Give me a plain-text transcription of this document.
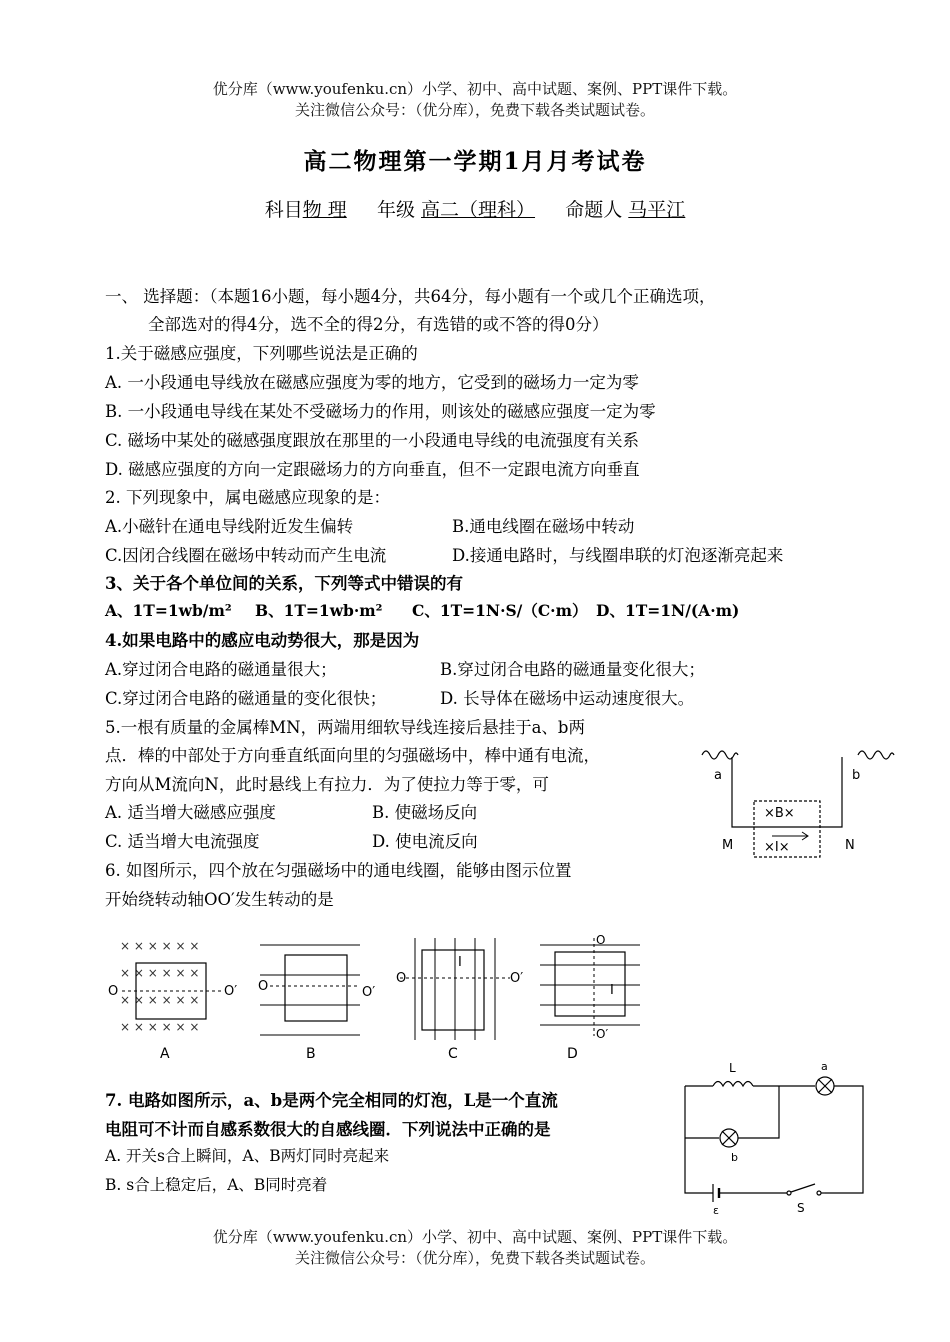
优分库（www.youfenku.cn）小学、初中、高中试题、案例、PPT课件下载。
关注微信公众号：（优分库），免费下载各类试题试卷。
高二物理第一学期1月月考试卷
科目物 理 年级 高二（理科） 命题人 马平江
一、 选择题：（本题16小题，每小题4分，共64分，每小题有一个或几个正确选项，
全部选对的得4分，选不全的得2分，有选错的或不答的得0分）
1.关于磁感应强度，下列哪些说法是正确的
A. 一小段通电导线放在磁感应强度为零的地方，它受到的磁场力一定为零
B. 一小段通电导线在某处不受磁场力的作用，则该处的磁感应强度一定为零
C. 磁场中某处的磁感强度跟放在那里的一小段通电导线的电流强度有关系
D. 磁感应强度的方向一定跟磁场力的方向垂直，但不一定跟电流方向垂直
2. 下列现象中，属电磁感应现象的是：
A.小磁针在通电导线附近发生偏转	B.通电线圈在磁场中转动
C.因闭合线圈在磁场中转动而产生电流	D.接通电路时，与线圈串联的灯泡逐渐亮起来
3、关于各个单位间的关系，下列等式中错误的有
A、1T=1wb/m² B、1T=1wb·m² C、1T=1N·S/（C·m） D、1T=1N/(A·m)
4.如果电路中的感应电动势很大，那是因为
A.穿过闭合电路的磁通量很大；	B.穿过闭合电路的磁通量变化很大；
C.穿过闭合电路的磁通量的变化很快；	D. 长导体在磁场中运动速度很大。
5.一根有质量的金属棒MN，两端用细软导线连接后悬挂于a、b两
点．棒的中部处于方向垂直纸面向里的匀强磁场中，棒中通有电流，
方向从M流向N，此时悬线上有拉力．为了使拉力等于零，可
A. 适当增大磁感应强度	B. 使磁场反向
C. 适当增大电流强度	D. 使电流反向
a	b
M	N
×B×
×I×
6. 如图所示，四个放在匀强磁场中的通电线圈，能够由图示位置
开始绕转动轴OO′发生转动的是
× × × × × ×
× × × × × ×
× × × × × ×
× × × × × ×
O	O′
A
O	O′
B
O	O′
I
C
O
O′
I
D
7. 电路如图所示，a、b是两个完全相同的灯泡，L是一个直流
电阻可不计而自感系数很大的自感线圈．下列说法中正确的是
A. 开关s合上瞬间，A、B两灯同时亮起来
B. s合上稳定后，A、B同时亮着
L	a
b
ε	S
优分库（www.youfenku.cn）小学、初中、高中试题、案例、PPT课件下载。
关注微信公众号：（优分库），免费下载各类试题试卷。
